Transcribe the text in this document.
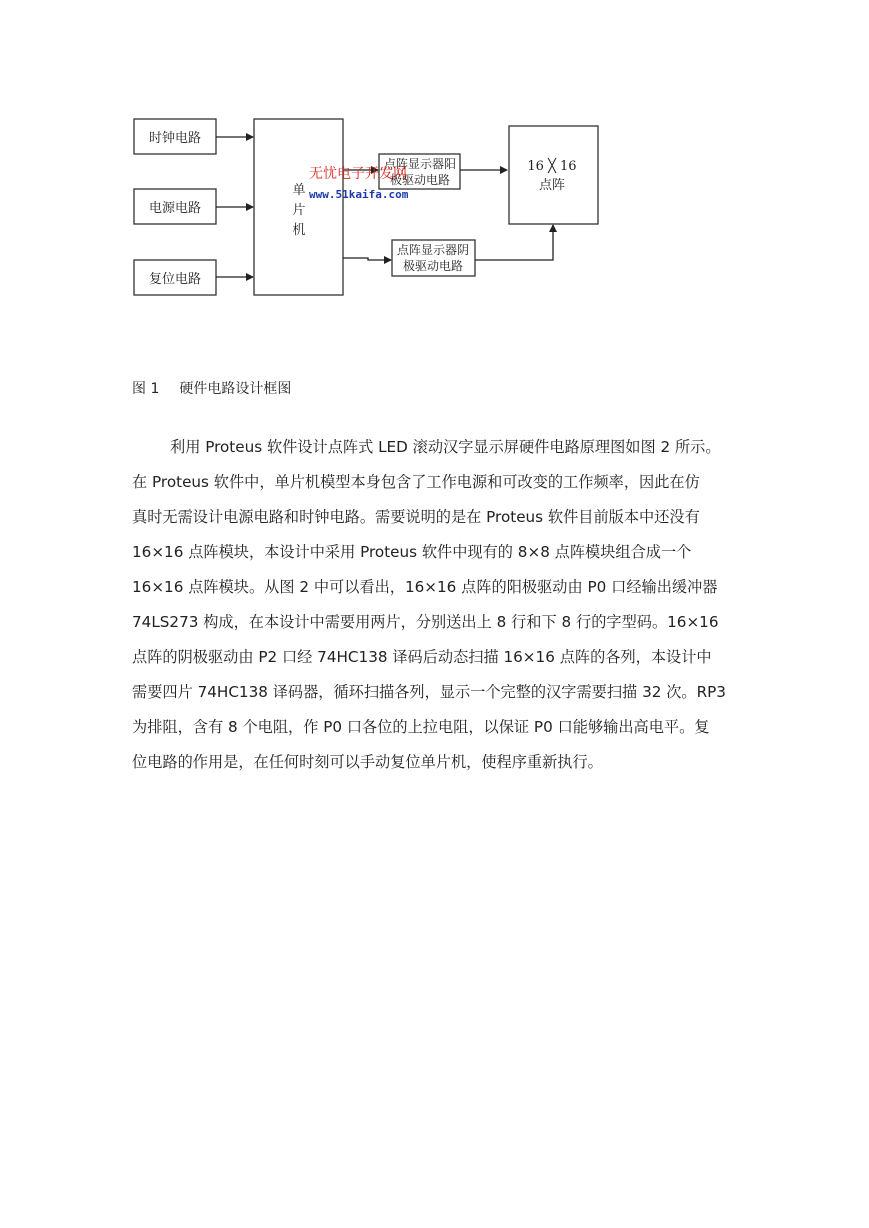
时钟电路
电源电路
复位电路
单
片
机
点阵显示器阳
极驱动电路
点阵显示器阴
极驱动电路
16 ╳ 16
点阵
无忧电子开发网
www.51kaifa.com
图 1 硬件电路设计框图
利用 Proteus 软件设计点阵式 LED 滚动汉字显示屏硬件电路原理图如图 2 所示。
在 Proteus 软件中，单片机模型本身包含了工作电源和可改变的工作频率，因此在仿
真时无需设计电源电路和时钟电路。需要说明的是在 Proteus 软件目前版本中还没有
16×16 点阵模块，本设计中采用 Proteus 软件中现有的 8×8 点阵模块组合成一个
16×16 点阵模块。从图 2 中可以看出，16×16 点阵的阳极驱动由 P0 口经输出缓冲器
74LS273 构成，在本设计中需要用两片，分别送出上 8 行和下 8 行的字型码。16×16
点阵的阴极驱动由 P2 口经 74HC138 译码后动态扫描 16×16 点阵的各列，本设计中
需要四片 74HC138 译码器，循环扫描各列，显示一个完整的汉字需要扫描 32 次。RP3
为排阻，含有 8 个电阻，作 P0 口各位的上拉电阻，以保证 P0 口能够输出高电平。复
位电路的作用是，在任何时刻可以手动复位单片机，使程序重新执行。
